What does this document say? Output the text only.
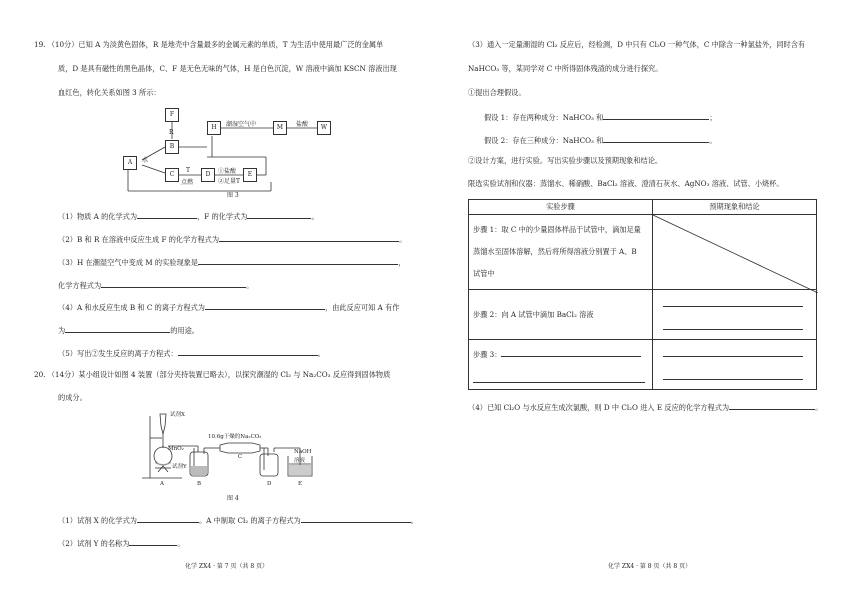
19. （10分）已知 A 为淡黄色固体，R 是地壳中含量最多的金属元素的单质，T 为生活中使用最广泛的金属单
质，D 是具有磁性的黑色晶体，C、F 是无色无味的气体，H 是白色沉淀，W 溶液中滴加 KSCN 溶液出现
血红色，转化关系如图 3 所示：
F
R
B
H	潮湿空气中	M	盐酸	W
A	水
C
T
点燃
D	①盐酸
②足量T
E
图 3
（1）物质 A 的化学式为	，F 的化学式为	。
（2）B 和 R 在溶液中反应生成 F 的化学方程式为	。
（3）H 在潮湿空气中变成 M 的实验现象是	，
化学方程式为	。
（4）A 和水反应生成 B 和 C 的离子方程式为	，由此反应可知 A 有作
为	的用途。
（5）写出②发生反应的离子方程式：	。
20. （14分）某小组设计如图 4 装置（部分夹持装置已略去），以探究潮湿的 Cl₂ 与 Na₂CO₃ 反应得到固体物质
的成分。
试剂X
MnO₂
试剂Y
10.6g干燥的Na₂CO₃
NaOH
溶液
A	B
C
D	E
图 4
（1）试剂 X 的化学式为	。A 中制取 Cl₂ 的离子方程式为	。
（2）试剂 Y 的名称为	。
化学 ZX4 · 第 7 页（共 8 页）
（3）通入一定量潮湿的 Cl₂ 反应后，经检测，D 中只有 Cl₂O 一种气体，C 中除含一种氯盐外，同时含有
NaHCO₃ 等，某同学对 C 中所得固体残渣的成分进行探究。
①提出合理假设。
假设 1：存在两种成分：NaHCO₃ 和	；
假设 2：存在三种成分：NaHCO₃ 和	。
②设计方案，进行实验。写出实验步骤以及预期现象和结论。
限选实验试剂和仪器：蒸馏水、稀硝酸、BaCl₂ 溶液、澄清石灰水、AgNO₃ 溶液、试管、小烧杯。
实验步骤	预期现象和结论

步骤 1：取 C 中的少量固体样品于试管中，滴加足量
蒸馏水至固体溶解，然后将所得溶液分别置于 A、B
试管中

步骤 2：向 A 试管中滴加 BaCl₂ 溶液	

步骤 3：	

（4）已知 Cl₂O 与水反应生成次氯酸，则 D 中 Cl₂O 进入 E 反应的化学方程式为	。
化学 ZX4 · 第 8 页（共 8 页）
